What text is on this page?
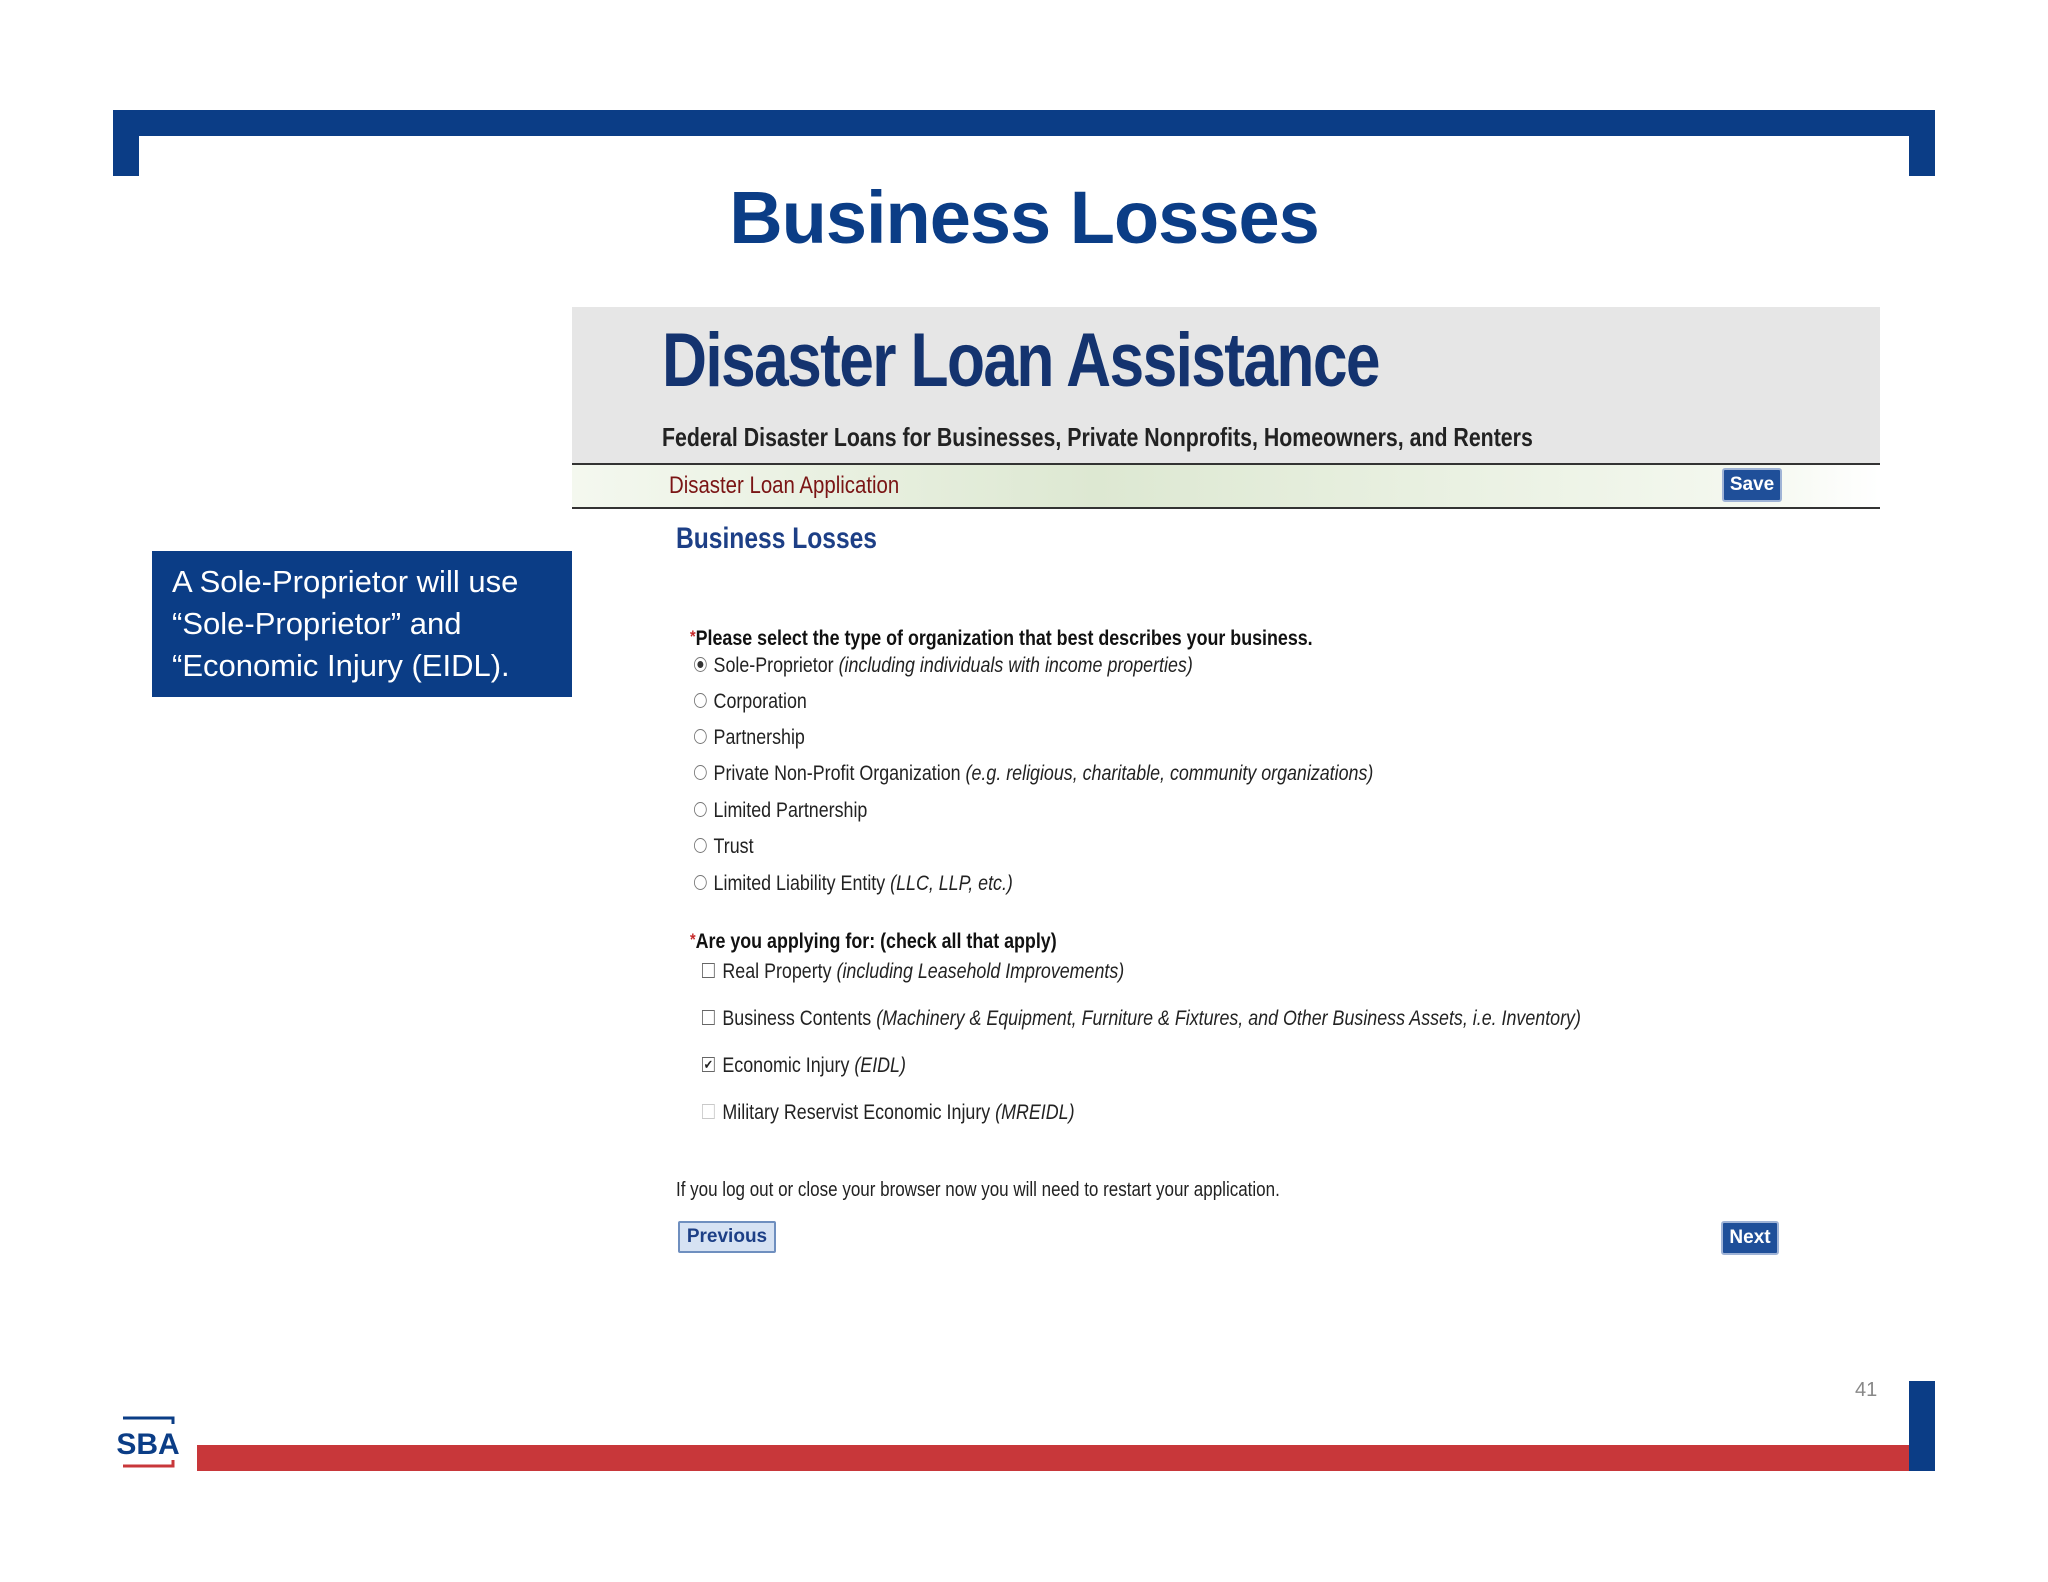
Business Losses
A Sole-Proprietor will use “Sole-Proprietor” and “Economic Injury (EIDL).
Disaster Loan Assistance
Federal Disaster Loans for Businesses, Private Nonprofits, Homeowners, and Renters
Disaster Loan Application	Save
Business Losses
*Please select the type of organization that best describes your business.
Sole-Proprietor (including individuals with income properties)
Corporation
Partnership
Private Non-Profit Organization (e.g. religious, charitable, community organizations)
Limited Partnership
Trust
Limited Liability Entity (LLC, LLP, etc.)
*Are you applying for: (check all that apply)
Real Property (including Leasehold Improvements)
Business Contents (Machinery & Equipment, Furniture & Fixtures, and Other Business Assets, i.e. Inventory)
✔ Economic Injury (EIDL)
Military Reservist Economic Injury (MREIDL)
If you log out or close your browser now you will need to restart your application.
Previous	Next
41
SBA
